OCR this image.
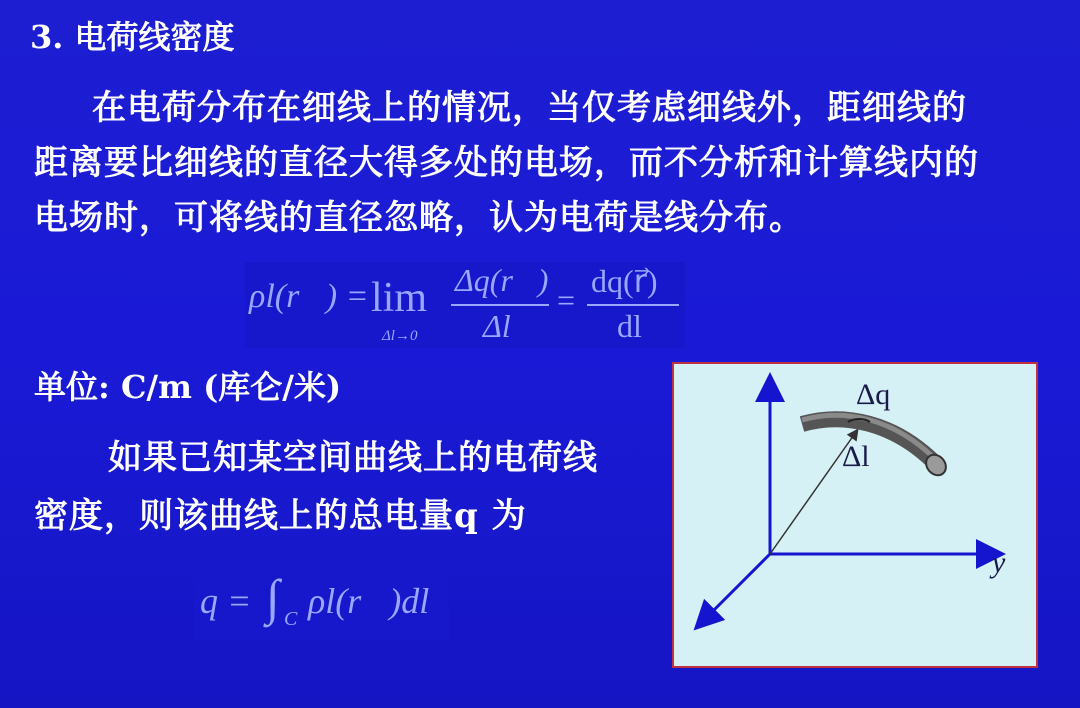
3. 电荷线密度
在电荷分布在细线上的情况，当仅考虑细线外，距细线的
距离要比细线的直径大得多处的电场，而不分析和计算线内的
电场时，可将线的直径忽略，认为电荷是线分布。
ρl(r⃗) = lim
Δl→0
Δq(r⃗)
Δl
=
dq(r⃗)
dl
单位: C/m (库仑/米)
如果已知某空间曲线上的电荷线
密度，则该曲线上的总电量q 为
q = ∫ C ρl(r⃗)dl
Δq
Δl
y
